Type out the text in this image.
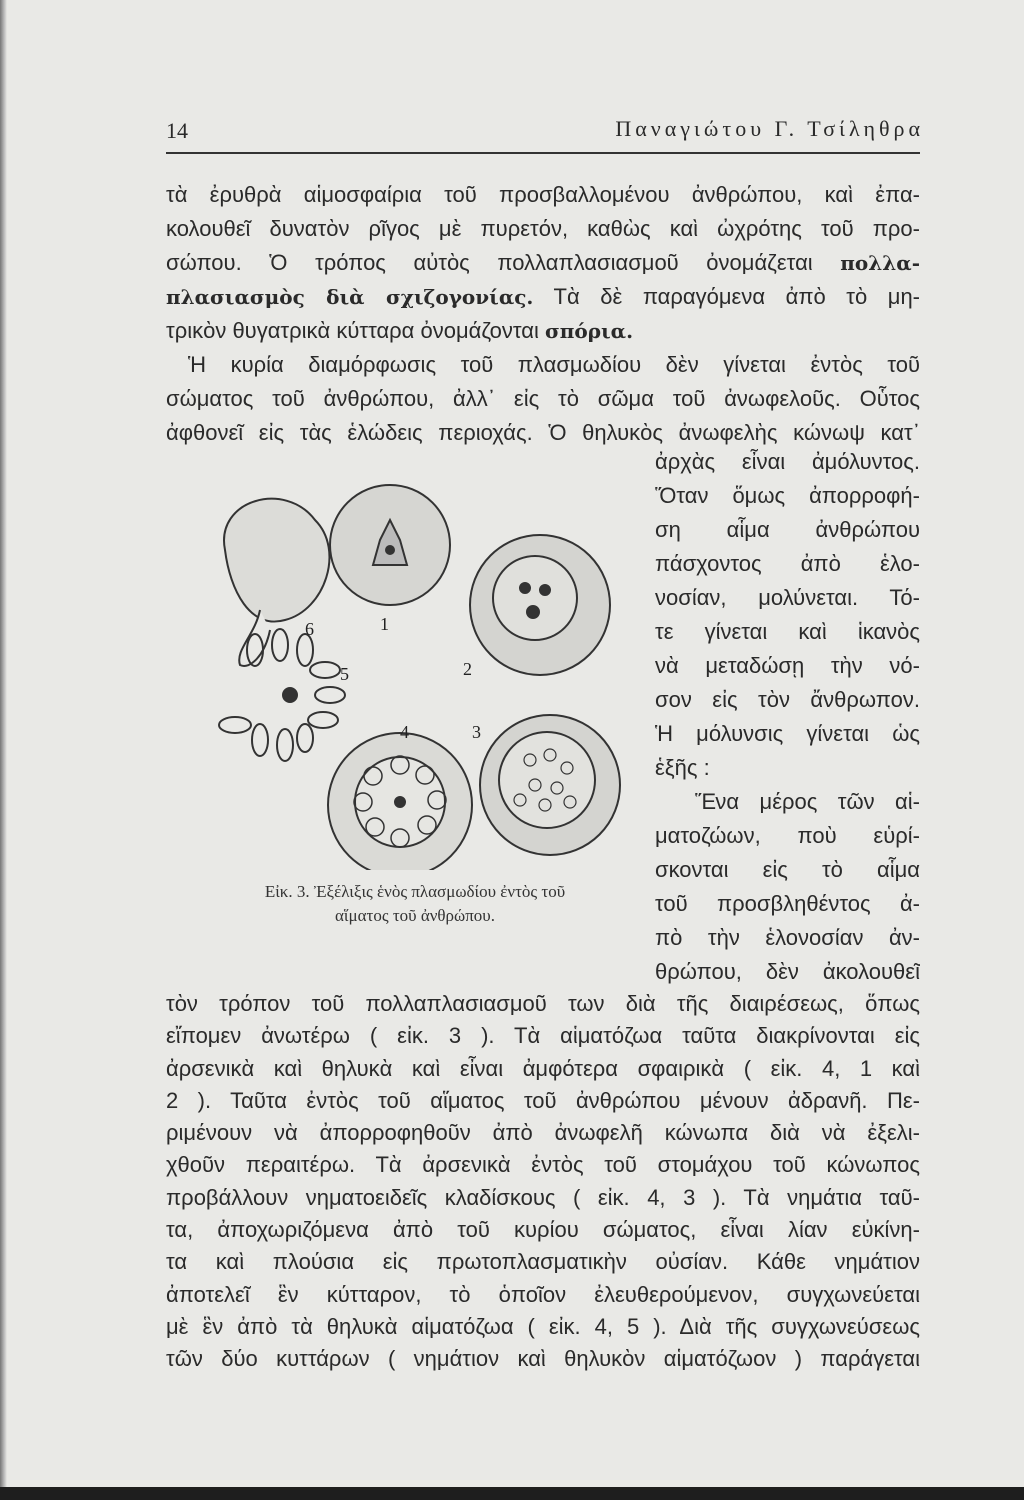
14	Παναγιώτου Γ. Τσίληθρα
τὰ ἐρυθρὰ αἱμοσφαίρια τοῦ προσβαλλομένου ἀνθρώπου, καὶ ἐπα-
κολουθεῖ δυνατὸν ρῖγος μὲ πυρετόν, καθὼς καὶ ὠχρότης τοῦ προ-
σώπου. Ὁ τρόπος αὐτὸς πολλαπλασιασμοῦ ὀνομάζεται πολλα-
πλασιασμὸς διὰ σχιζογονίας. Τὰ δὲ παραγόμενα ἀπὸ τὸ μη-
τρικὸν θυγατρικὰ κύτταρα ὀνομάζονται σπόρια.
Ἡ κυρία διαμόρφωσις τοῦ πλασμωδίου δὲν γίνεται ἐντὸς τοῦ
σώματος τοῦ ἀνθρώπου, ἀλλ᾽ εἰς τὸ σῶμα τοῦ ἀνωφελοῦς. Οὗτος
ἀφθονεῖ εἰς τὰς ἑλώδεις περιοχάς. Ὁ θηλυκὸς ἀνωφελὴς κώνωψ κατ᾽
ἀρχὰς εἶναι ἀμόλυντος.
Ὅταν ὅμως ἀπορροφή-
ση αἷμα ἀνθρώπου
πάσχοντος ἀπὸ ἑλο-
νοσίαν, μολύνεται. Τό-
τε γίνεται καὶ ἱκανὸς
νὰ μεταδώσῃ τὴν νό-
σον εἰς τὸν ἄνθρωπον.
Ἡ μόλυνσις γίνεται ὡς
ἑξῆς :
Ἕνα μέρος τῶν αἱ-
ματοζώων, ποὺ εὑρί-
σκονται εἰς τὸ αἷμα
τοῦ προσβληθέντος ἀ-
πὸ τὴν ἑλονοσίαν ἀν-
θρώπου, δὲν ἀκολουθεῖ
1
2
3
4
5
6
Εἰκ. 3. Ἐξέλιξις ἑνὸς πλασμωδίου ἐντὸς τοῦ
αἵματος τοῦ ἀνθρώπου.
τὸν τρόπον τοῦ πολλαπλασιασμοῦ των διὰ τῆς διαιρέσεως, ὅπως
εἴπομεν ἀνωτέρω ( εἰκ. 3 ). Τὰ αἱματόζωα ταῦτα διακρίνονται εἰς
ἀρσενικὰ καὶ θηλυκὰ καὶ εἶναι ἀμφότερα σφαιρικὰ ( εἰκ. 4, 1 καὶ
2 ). Ταῦτα ἐντὸς τοῦ αἵματος τοῦ ἀνθρώπου μένουν ἀδρανῆ. Πε-
ριμένουν νὰ ἀπορροφηθοῦν ἀπὸ ἀνωφελῆ κώνωπα διὰ νὰ ἐξελι-
χθοῦν περαιτέρω. Τὰ ἀρσενικὰ ἐντὸς τοῦ στομάχου τοῦ κώνωπος
προβάλλουν νηματοειδεῖς κλαδίσκους ( εἰκ. 4, 3 ). Τὰ νημάτια ταῦ-
τα, ἀποχωριζόμενα ἀπὸ τοῦ κυρίου σώματος, εἶναι λίαν εὐκίνη-
τα καὶ πλούσια εἰς πρωτοπλασματικὴν οὐσίαν. Κάθε νημάτιον
ἀποτελεῖ ἓν κύτταρον, τὸ ὁποῖον ἐλευθερούμενον, συγχωνεύεται
μὲ ἓν ἀπὸ τὰ θηλυκὰ αἱματόζωα ( εἰκ. 4, 5 ). Διὰ τῆς συγχωνεύσεως
τῶν δύο κυττάρων ( νημάτιον καὶ θηλυκὸν αἱματόζωον ) παράγεται
